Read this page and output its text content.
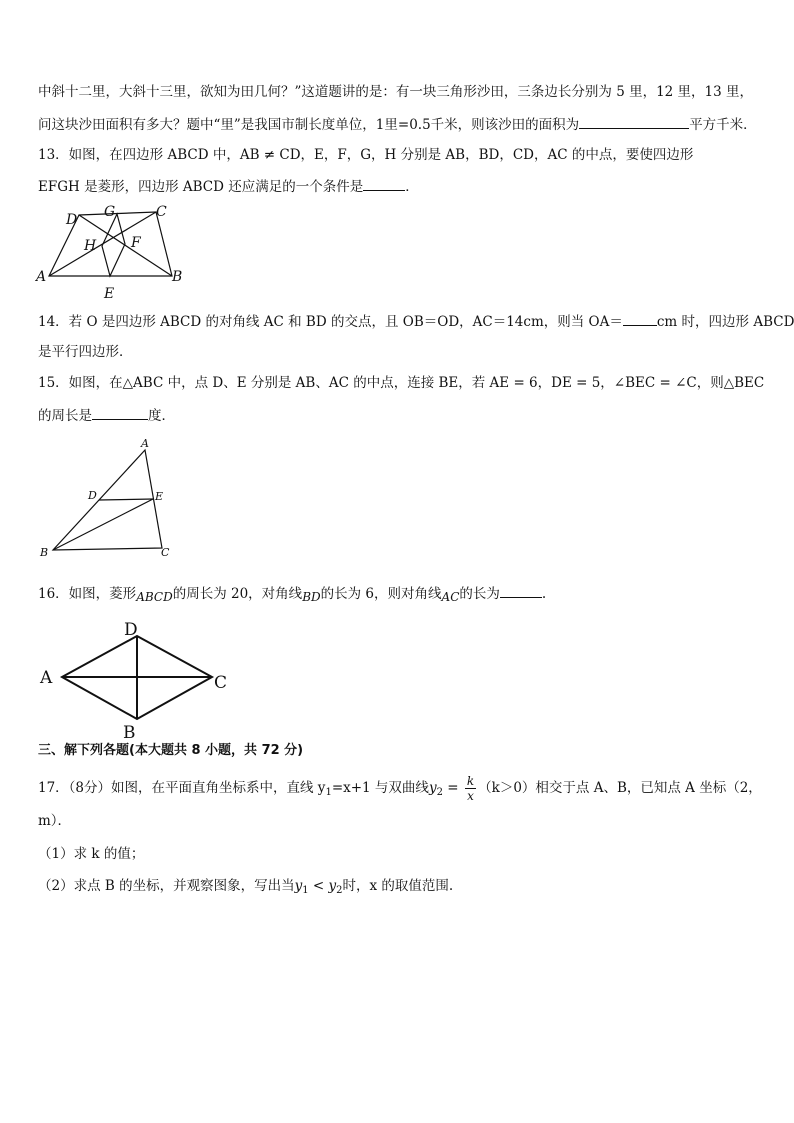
中斜十二里，大斜十三里，欲知为田几何？”这道题讲的是：有一块三角形沙田，三条边长分别为 5 里，12 里，13 里，
问这块沙田面积有多大？题中“里”是我国市制长度单位，1里=0.5千米，则该沙田的面积为	平方千米．
13．如图，在四边形 ABCD 中，AB ≠ CD，E，F，G，H 分别是 AB，BD，CD，AC 的中点，要使四边形
EFGH 是菱形，四边形 ABCD 还应满足的一个条件是	．
D G	C
H F
A	B
E
14．若 O 是四边形 ABCD 的对角线 AC 和 BD 的交点，且 OB＝OD，AC＝14cm，则当 OA＝	cm 时，四边形 ABCD
是平行四边形．
15．如图，在△ABC 中，点 D、E 分别是 AB、AC 的中点，连接 BE，若 AE = 6，DE = 5，∠BEC = ∠C，则△BEC
的周长是	度．
A
D	E
B	C
16．如图，菱形ABCD的周长为 20，对角线BD的长为 6，则对角线AC的长为	.
D
A	C
B
三、解下列各题(本大题共 8 小题，共 72 分)
17．（8分）如图，在平面直角坐标系中，直线 $y_1=x+1$ 与双曲线$y_2 = \frac{k}{x} (k>0)$相交于点 A、B，已知点 A 坐标（2，
m）．
（1）求 k 的值；
（2）求点 B 的坐标，并观察图象，写出当$y_1 < y_2$时，x 的取值范围.
